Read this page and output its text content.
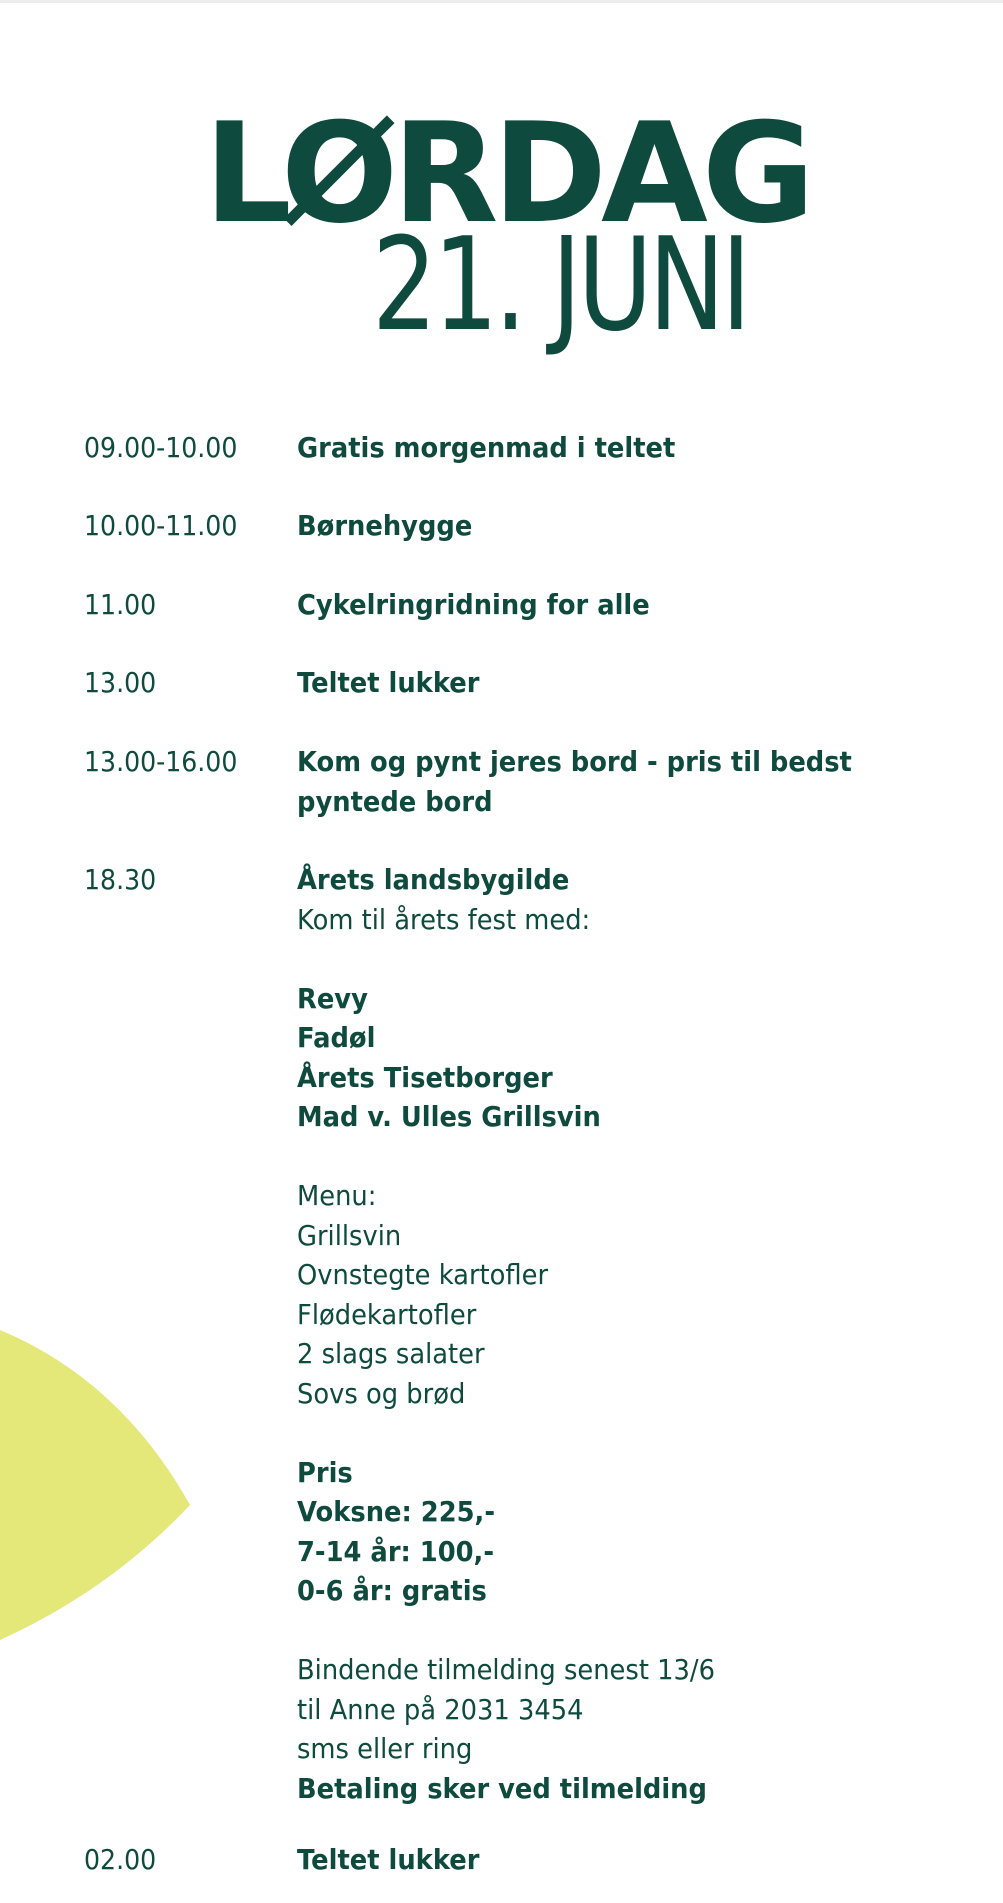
LØRDAG
21. JUNI
09.00-10.00 Gratis morgenmad i teltet
10.00-11.00 Børnehygge
11.00	Cykelringridning for alle
13.00	Teltet lukker
13.00-16.00 Kom og pynt jeres bord - pris til bedst
pyntede bord
18.30	Årets landsbygilde
Kom til årets fest med:
Revy
Fadøl
Årets Tisetborger
Mad v. Ulles Grillsvin
Menu:
Grillsvin
Ovnstegte kartofler
Flødekartofler
2 slags salater
Sovs og brød
Pris
Voksne: 225,-
7-14 år: 100,-
0-6 år: gratis
Bindende tilmelding senest 13/6
til Anne på 2031 3454
sms eller ring
Betaling sker ved tilmelding
02.00	Teltet lukker
